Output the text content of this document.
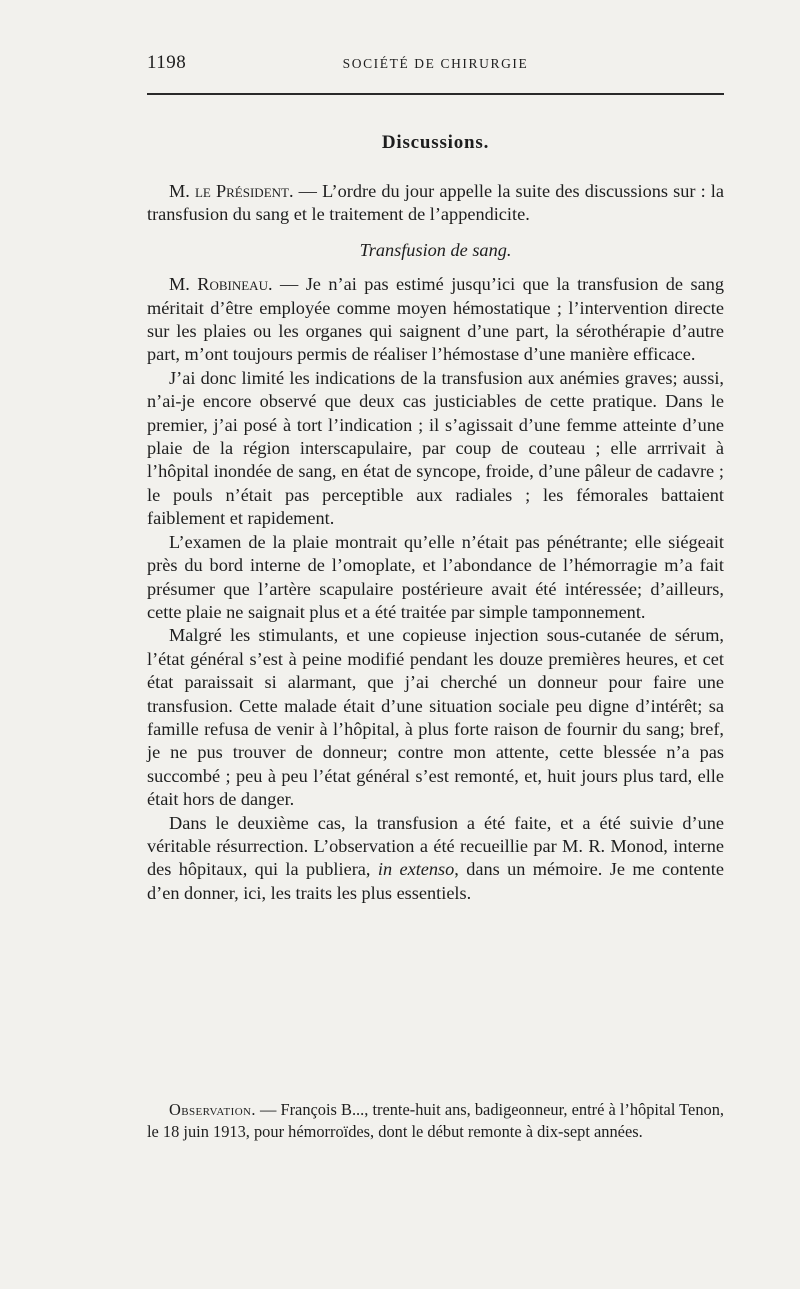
1198	SOCIÉTÉ DE CHIRURGIE
Discussions.

M. le Président. — L’ordre du jour appelle la suite des discussions sur : la transfusion du sang et le traitement de l’appendicite.

Transfusion de sang.

M. Robineau. — Je n’ai pas estimé jusqu’ici que la transfusion de sang méritait d’être employée comme moyen hémostatique ; l’intervention directe sur les plaies ou les organes qui saignent d’une part, la sérothérapie d’autre part, m’ont toujours permis de réaliser l’hémostase d’une manière efficace.

J’ai donc limité les indications de la transfusion aux anémies graves; aussi, n’ai-je encore observé que deux cas justiciables de cette pratique. Dans le premier, j’ai posé à tort l’indication ; il s’agissait d’une femme atteinte d’une plaie de la région interscapulaire, par coup de couteau ; elle arrrivait à l’hôpital inondée de sang, en état de syncope, froide, d’une pâleur de cadavre ; le pouls n’était pas perceptible aux radiales ; les fémorales battaient faiblement et rapidement.

L’examen de la plaie montrait qu’elle n’était pas pénétrante; elle siégeait près du bord interne de l’omoplate, et l’abondance de l’hémorragie m’a fait présumer que l’artère scapulaire postérieure avait été intéressée; d’ailleurs, cette plaie ne saignait plus et a été traitée par simple tamponnement.

Malgré les stimulants, et une copieuse injection sous-cutanée de sérum, l’état général s’est à peine modifié pendant les douze premières heures, et cet état paraissait si alarmant, que j’ai cherché un donneur pour faire une transfusion. Cette malade était d’une situation sociale peu digne d’intérêt; sa famille refusa de venir à l’hôpital, à plus forte raison de fournir du sang; bref, je ne pus trouver de donneur; contre mon attente, cette blessée n’a pas succombé ; peu à peu l’état général s’est remonté, et, huit jours plus tard, elle était hors de danger.

Dans le deuxième cas, la transfusion a été faite, et a été suivie d’une véritable résurrection. L’observation a été recueillie par M. R. Monod, interne des hôpitaux, qui la publiera, in extenso, dans un mémoire. Je me contente d’en donner, ici, les traits les plus essentiels.

Observation. — François B..., trente-huit ans, badigeonneur, entré à l’hôpital Tenon, le 18 juin 1913, pour hémorroïdes, dont le début remonte à dix-sept années.
